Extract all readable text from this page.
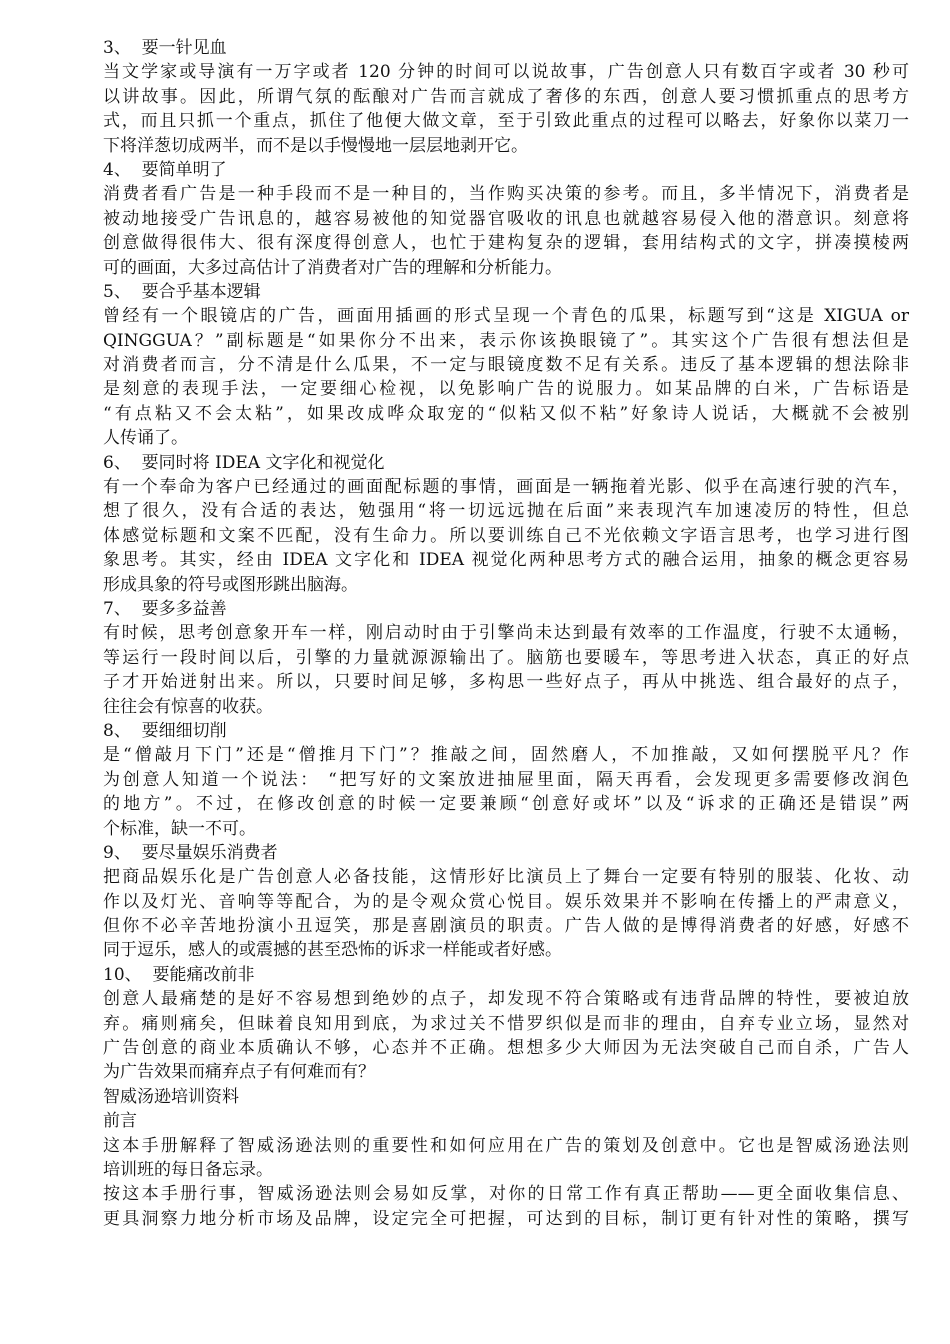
3、  要一针见血
当文学家或导演有一万字或者 120 分钟的时间可以说故事，广告创意人只有数百字或者 30 秒可
以讲故事。因此，所谓气氛的酝酿对广告而言就成了奢侈的东西，创意人要习惯抓重点的思考方
式，而且只抓一个重点，抓住了他便大做文章，至于引致此重点的过程可以略去，好象你以菜刀一
下将洋葱切成两半，而不是以手慢慢地一层层地剥开它。
4、  要简单明了
消费者看广告是一种手段而不是一种目的，当作购买决策的参考。而且，多半情况下，消费者是
被动地接受广告讯息的，越容易被他的知觉器官吸收的讯息也就越容易侵入他的潜意识。刻意将
创意做得很伟大、很有深度得创意人，也忙于建构复杂的逻辑，套用结构式的文字，拼凑摸棱两
可的画面，大多过高估计了消费者对广告的理解和分析能力。
5、  要合乎基本逻辑
曾经有一个眼镜店的广告，画面用插画的形式呈现一个青色的瓜果，标题写到“这是 XIGUA or
QINGGUA？”副标题是“如果你分不出来，表示你该换眼镜了”。其实这个广告很有想法但是
对消费者而言，分不清是什么瓜果，不一定与眼镜度数不足有关系。违反了基本逻辑的想法除非
是刻意的表现手法，一定要细心检视，以免影响广告的说服力。如某品牌的白米，广告标语是
“有点粘又不会太粘”，如果改成哗众取宠的“似粘又似不粘”好象诗人说话，大概就不会被别
人传诵了。
6、  要同时将 IDEA 文字化和视觉化
有一个奉命为客户已经通过的画面配标题的事情，画面是一辆拖着光影、似乎在高速行驶的汽车，
想了很久，没有合适的表达，勉强用“将一切远远抛在后面”来表现汽车加速凌厉的特性，但总
体感觉标题和文案不匹配，没有生命力。所以要训练自己不光依赖文字语言思考，也学习进行图
象思考。其实，经由 IDEA 文字化和 IDEA 视觉化两种思考方式的融合运用，抽象的概念更容易
形成具象的符号或图形跳出脑海。
7、  要多多益善
有时候，思考创意象开车一样，刚启动时由于引擎尚未达到最有效率的工作温度，行驶不太通畅，
等运行一段时间以后，引擎的力量就源源输出了。脑筋也要暖车，等思考进入状态，真正的好点
子才开始迸射出来。所以，只要时间足够，多构思一些好点子，再从中挑选、组合最好的点子，
往往会有惊喜的收获。
8、  要细细切削
是“僧敲月下门”还是“僧推月下门”？推敲之间，固然磨人，不加推敲，又如何摆脱平凡？作
为创意人知道一个说法： “把写好的文案放进抽屉里面，隔天再看，会发现更多需要修改润色
的地方”。不过，在修改创意的时候一定要兼顾“创意好或坏”以及“诉求的正确还是错误”两
个标准，缺一不可。
9、  要尽量娱乐消费者
把商品娱乐化是广告创意人必备技能，这情形好比演员上了舞台一定要有特别的服装、化妆、动
作以及灯光、音响等等配合，为的是令观众赏心悦目。娱乐效果并不影响在传播上的严肃意义，
但你不必辛苦地扮演小丑逗笑，那是喜剧演员的职责。广告人做的是博得消费者的好感，好感不
同于逗乐，感人的或震撼的甚至恐怖的诉求一样能或者好感。
10、  要能痛改前非
创意人最痛楚的是好不容易想到绝妙的点子，却发现不符合策略或有违背品牌的特性，要被迫放
弃。痛则痛矣，但昧着良知用到底，为求过关不惜罗织似是而非的理由，自弃专业立场，显然对
广告创意的商业本质确认不够，心态并不正确。想想多少大师因为无法突破自己而自杀，广告人
为广告效果而痛弃点子有何难而有？
智威汤逊培训资料
前言
这本手册解释了智威汤逊法则的重要性和如何应用在广告的策划及创意中。它也是智威汤逊法则
培训班的每日备忘录。
按这本手册行事，智威汤逊法则会易如反掌，对你的日常工作有真正帮助——更全面收集信息、
更具洞察力地分析市场及品牌，设定完全可把握，可达到的目标，制订更有针对性的策略，撰写
